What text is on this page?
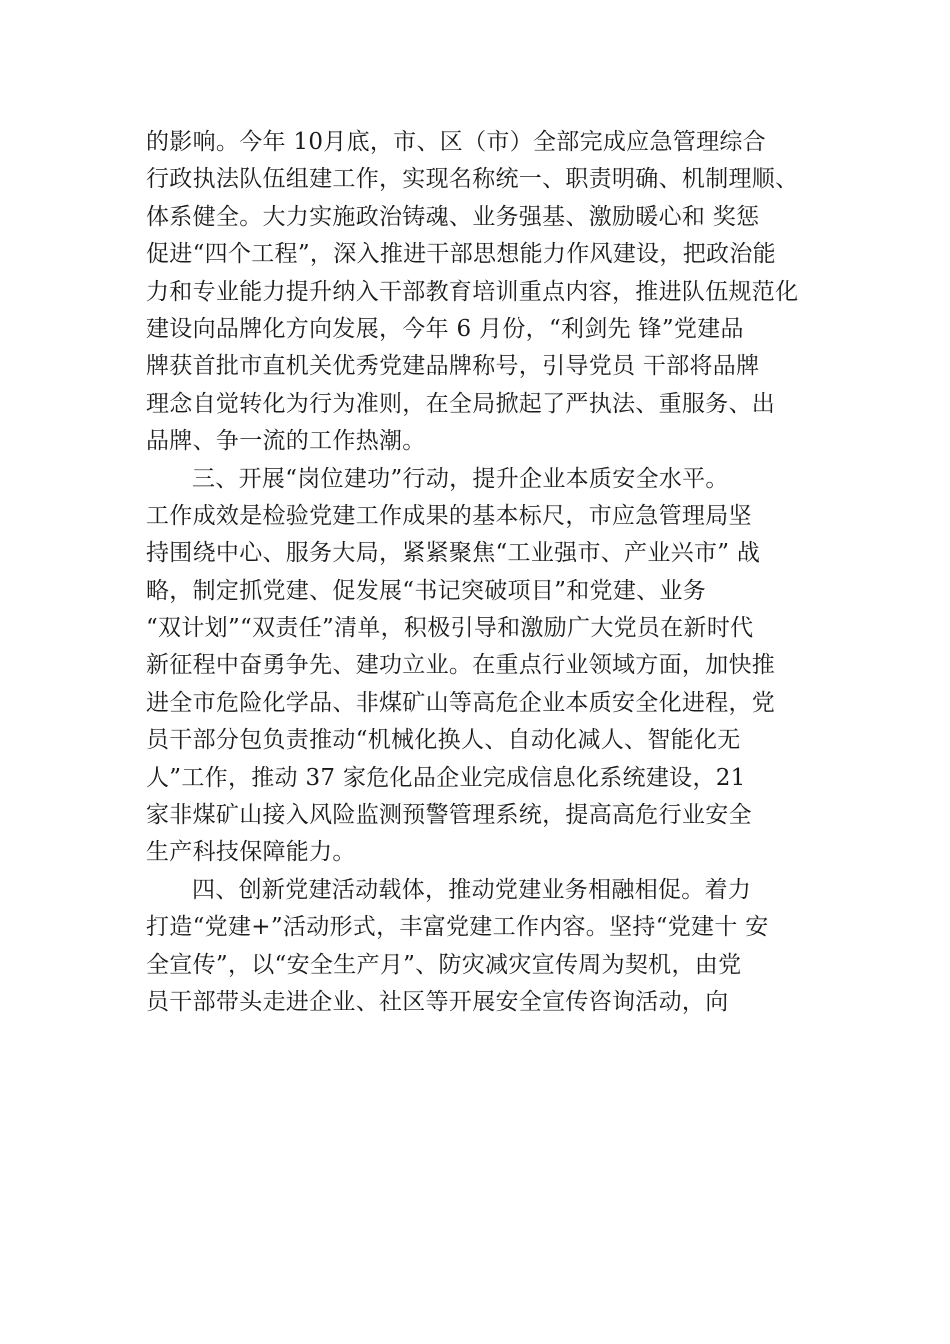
的影响。今年 10月底，市、区（市）全部完成应急管理综合
行政执法队伍组建工作，实现名称统一、职责明确、机制理顺、
体系健全。大力实施政治铸魂、业务强基、激励暖心和 奖惩
促进“四个工程”，深入推进干部思想能力作风建设，把政治能
力和专业能力提升纳入干部教育培训重点内容，推进队伍规范化
建设向品牌化方向发展，今年 6 月份，“利剑先 锋”党建品
牌获首批市直机关优秀党建品牌称号，引导党员 干部将品牌
理念自觉转化为行为准则，在全局掀起了严执法、重服务、出
品牌、争一流的工作热潮。
三、开展“岗位建功”行动，提升企业本质安全水平。
工作成效是检验党建工作成果的基本标尺，市应急管理局坚
持围绕中心、服务大局，紧紧聚焦“工业强市、产业兴市” 战
略，制定抓党建、促发展“书记突破项目”和党建、业务
“双计划”“双责任”清单，积极引导和激励广大党员在新时代
新征程中奋勇争先、建功立业。在重点行业领域方面，加快推
进全市危险化学品、非煤矿山等高危企业本质安全化进程，党
员干部分包负责推动“机械化换人、自动化减人、智能化无
人”工作，推动 37 家危化品企业完成信息化系统建设，21
家非煤矿山接入风险监测预警管理系统，提高高危行业安全
生产科技保障能力。
四、创新党建活动载体，推动党建业务相融相促。着力
打造“党建+”活动形式，丰富党建工作内容。坚持“党建十 安
全宣传”，以“安全生产月”、防灾减灾宣传周为契机，由党
员干部带头走进企业、社区等开展安全宣传咨询活动，向
